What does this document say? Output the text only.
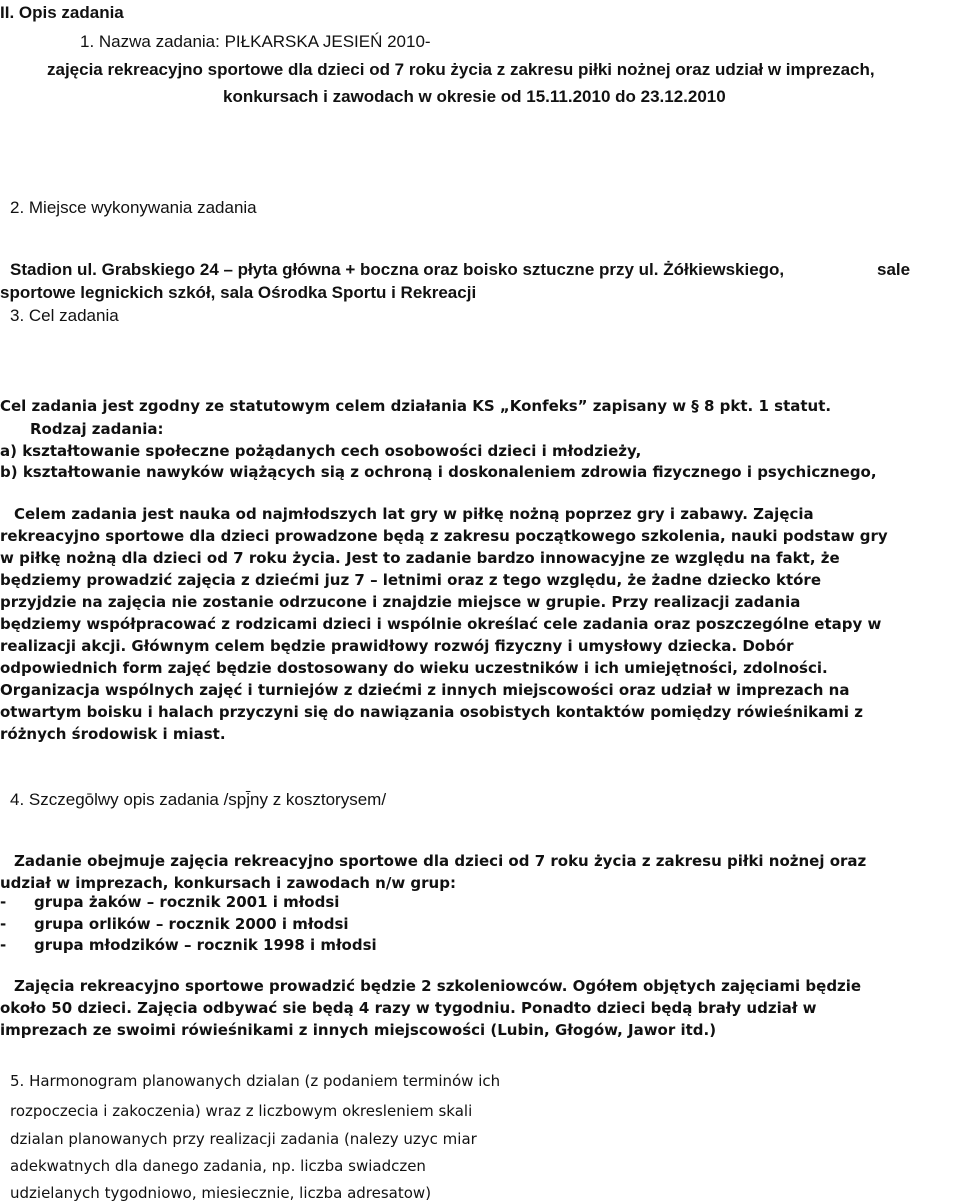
II. Opis zadania
1. Nazwa zadania: PIŁKARSKA JESIEŃ 2010-
zajęcia rekreacyjno sportowe dla dzieci od 7 roku życia z zakresu piłki nożnej oraz udział w imprezach,
konkursach i zawodach w okresie od 15.11.2010 do 23.12.2010
2. Miejsce wykonywania zadania
Stadion ul. Grabskiego 24 – płyta główna + boczna oraz boisko sztuczne przy ul. Żółkiewskiego,	sale
sportowe legnickich szkół, sala Ośrodka Sportu i Rekreacji
3. Cel zadania
Cel zadania jest zgodny ze statutowym celem działania KS „Konfeks” zapisany w § 8 pkt. 1 statut.
Rodzaj zadania:
a) kształtowanie społeczne pożądanych cech osobowości dzieci i młodzieży,
b) kształtowanie nawyków wiążących sią z ochroną i doskonaleniem zdrowia fizycznego i psychicznego,
Celem zadania jest nauka od najmłodszych lat gry w piłkę nożną poprzez gry i zabawy. Zajęcia
rekreacyjno sportowe dla dzieci prowadzone będą z zakresu początkowego szkolenia, nauki podstaw gry
w piłkę nożną dla dzieci od 7 roku życia. Jest to zadanie bardzo innowacyjne ze względu na fakt, że
będziemy prowadzić zajęcia z dziećmi juz 7 – letnimi oraz z tego względu, że żadne dziecko które
przyjdzie na zajęcia nie zostanie odrzucone i znajdzie miejsce w grupie. Przy realizacji zadania
będziemy współpracować z rodzicami dzieci i wspólnie określać cele zadania oraz poszczególne etapy w
realizacji akcji. Głównym celem będzie prawidłowy rozwój fizyczny i umysłowy dziecka. Dobór
odpowiednich form zajęć będzie dostosowany do wieku uczestników i ich umiejętności, zdolności.
Organizacja wspólnych zajęć i turniejów z dziećmi z innych miejscowości oraz udział w imprezach na
otwartym boisku i halach przyczyni się do nawiązania osobistych kontaktów pomiędzy rówieśnikami z
różnych środowisk i miast.
4. Szczegōlwy opis zadania /spj̄ny z kosztorysem/
Zadanie obejmuje zajęcia rekreacyjno sportowe dla dzieci od 7 roku życia z zakresu piłki nożnej oraz
udział w imprezach, konkursach i zawodach n/w grup:
- grupa żaków – rocznik 2001 i młodsi
- grupa orlików – rocznik 2000 i młodsi
- grupa młodzików – rocznik 1998 i młodsi
Zajęcia rekreacyjno sportowe prowadzić będzie 2 szkoleniowców. Ogółem objętych zajęciami będzie
około 50 dzieci. Zajęcia odbywać sie będą 4 razy w tygodniu. Ponadto dzieci będą brały udział w
imprezach ze swoimi rówieśnikami z innych miejscowości (Lubin, Głogów, Jawor itd.)
5. Harmonogram planowanych dzialan (z podaniem terminów ich
rozpoczecia i zakoczenia) wraz z liczbowym okresleniem skali
dzialan planowanych przy realizacji zadania (nalezy uzyc miar
adekwatnych dla danego zadania, np. liczba swiadczen
udzielanych tygodniowo, miesiecznie, liczba adresatow)
